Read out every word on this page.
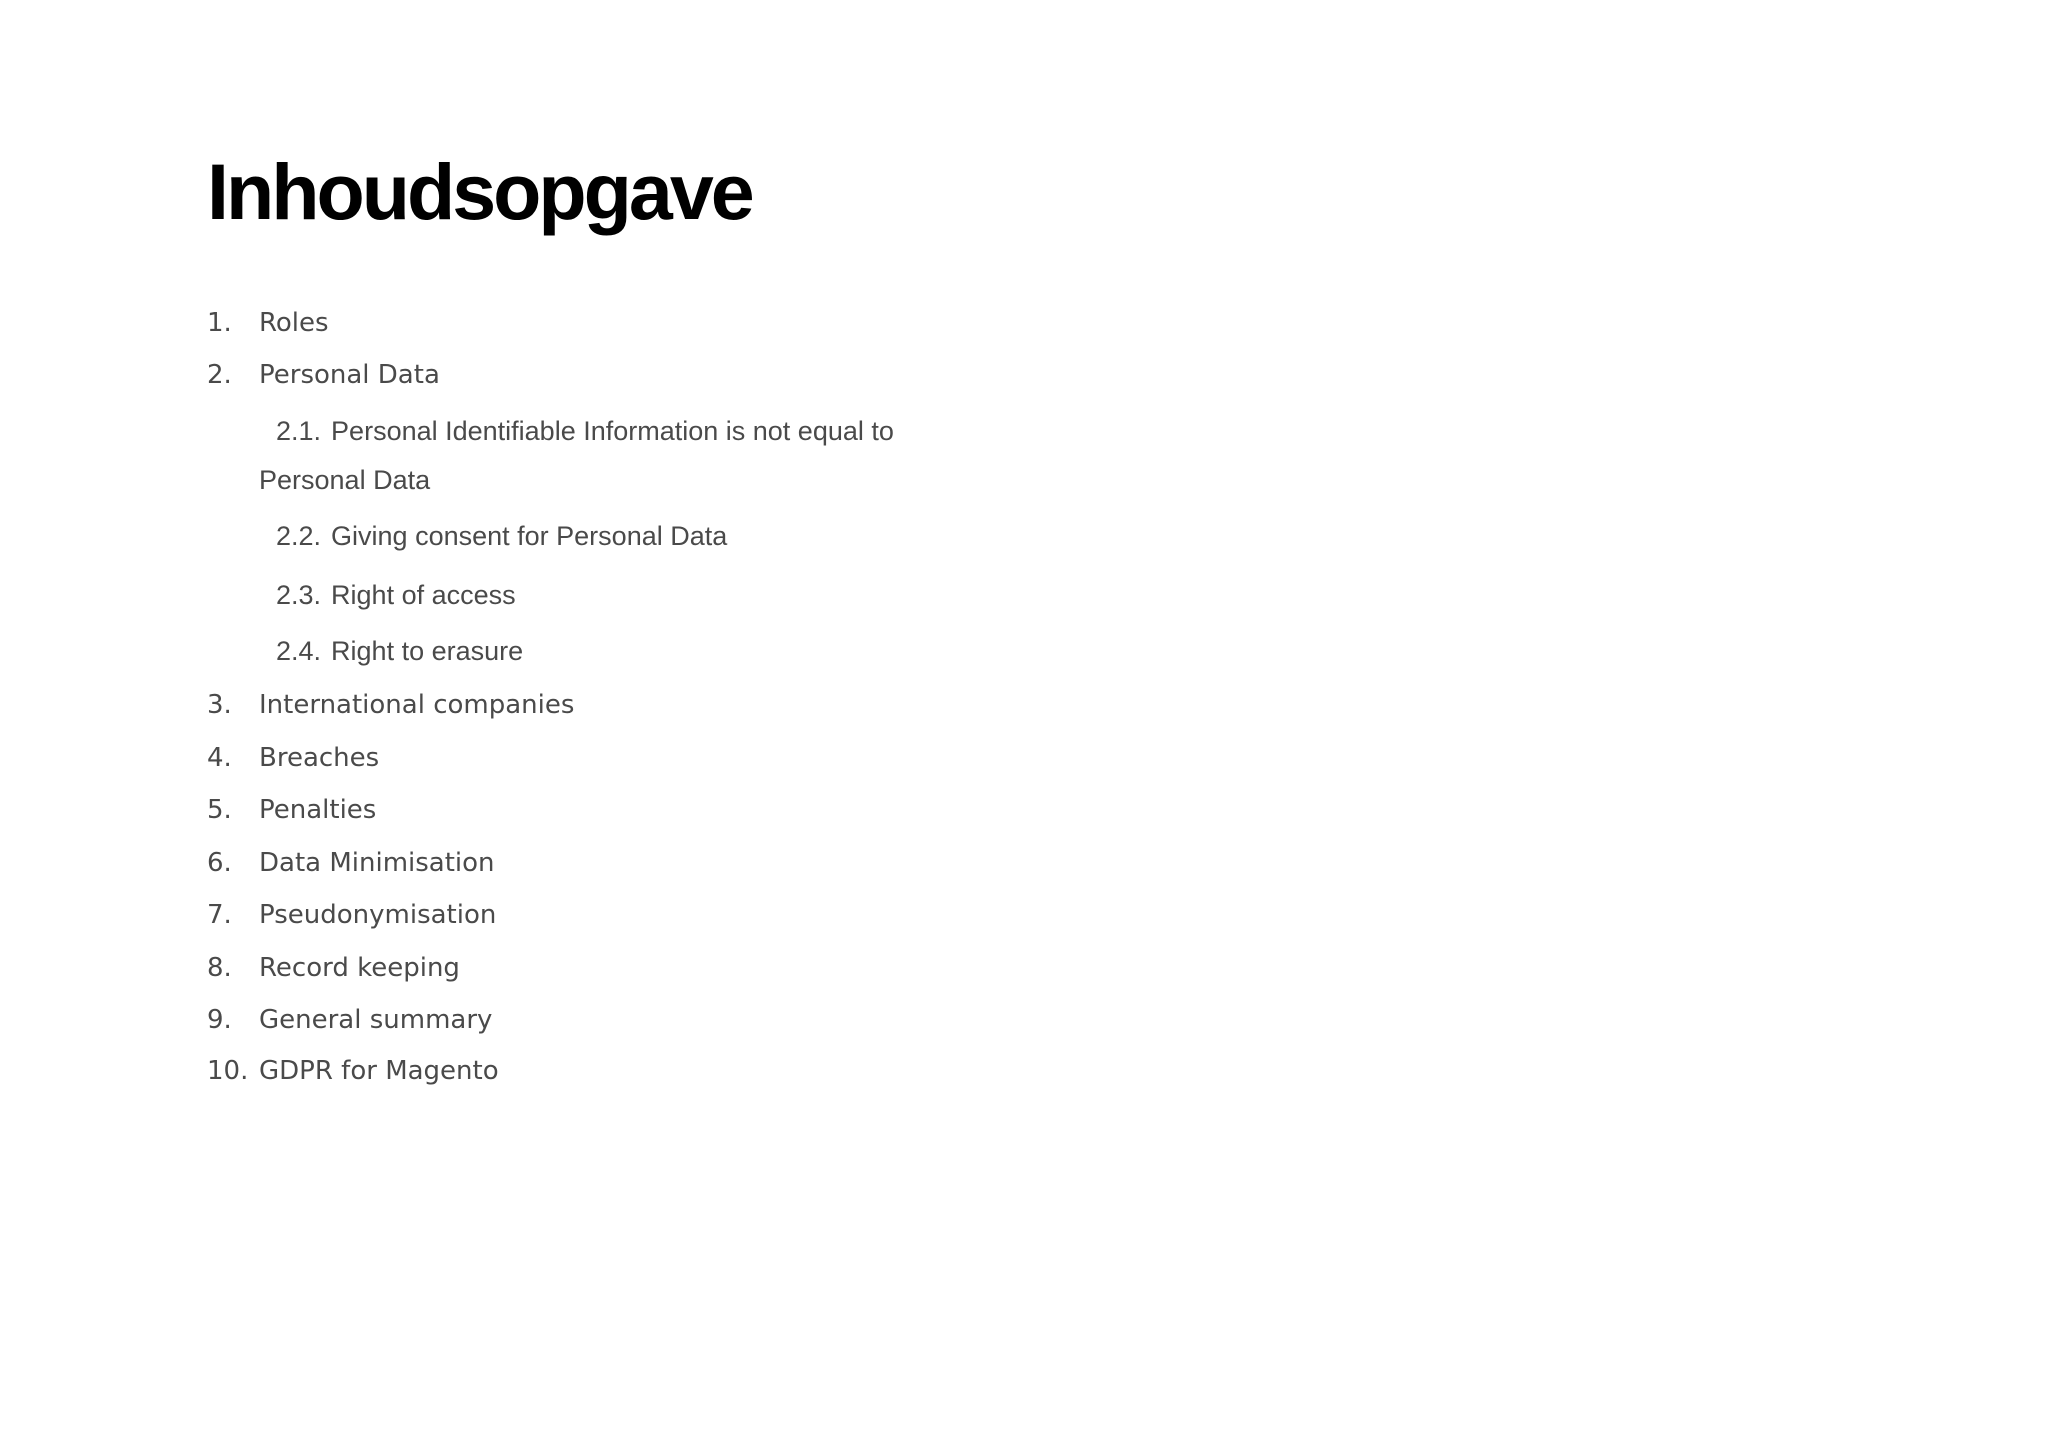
Inhoudsopgave
1. Roles
2. Personal Data
2.1. Personal Identifiable Information is not equal to
Personal Data
2.2. Giving consent for Personal Data
2.3. Right of access
2.4. Right to erasure
3. International companies
4. Breaches
5. Penalties
6. Data Minimisation
7. Pseudonymisation
8. Record keeping
9. General summary
10. GDPR for Magento
